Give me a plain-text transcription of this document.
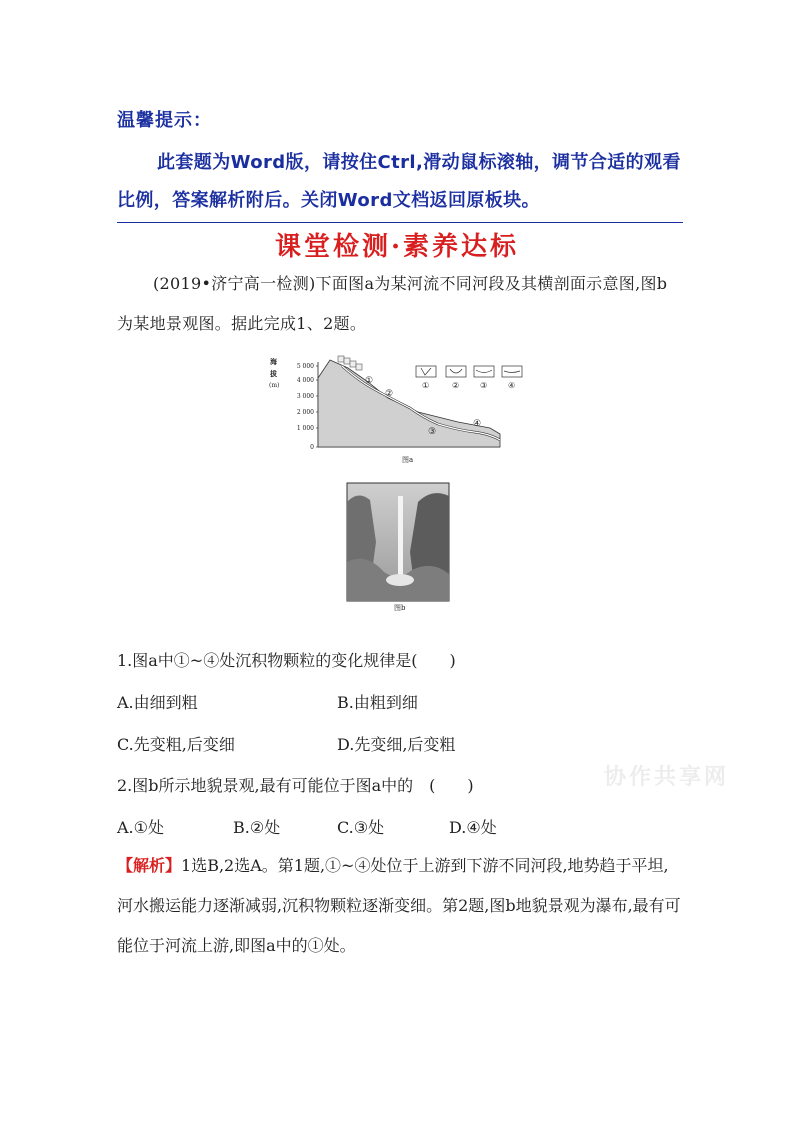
温馨提示：
此套题为Word版，请按住Ctrl,滑动鼠标滚轴，调节合适的观看比例，答案解析附后。关闭Word文档返回原板块。
课堂检测·素养达标
(2019•济宁高一检测)下面图a为某河流不同河段及其横剖面示意图,图b为某地景观图。据此完成1、2题。
海
拔
(m)
5 000
4 000
3 000
2 000
1 000
0
①
②
③
④
①	②	③	④
图a
图b
1.图a中①~④处沉积物颗粒的变化规律是(　　)
A.由细到粗	B.由粗到细
C.先变粗,后变细	D.先变细,后变粗
2.图b所示地貌景观,最有可能位于图a中的　(　　)
A.①处	B.②处	C.③处	D.④处
协作共享网
【解析】1选B,2选A。第1题,①~④处位于上游到下游不同河段,地势趋于平坦,河水搬运能力逐渐减弱,沉积物颗粒逐渐变细。第2题,图b地貌景观为瀑布,最有可能位于河流上游,即图a中的①处。
